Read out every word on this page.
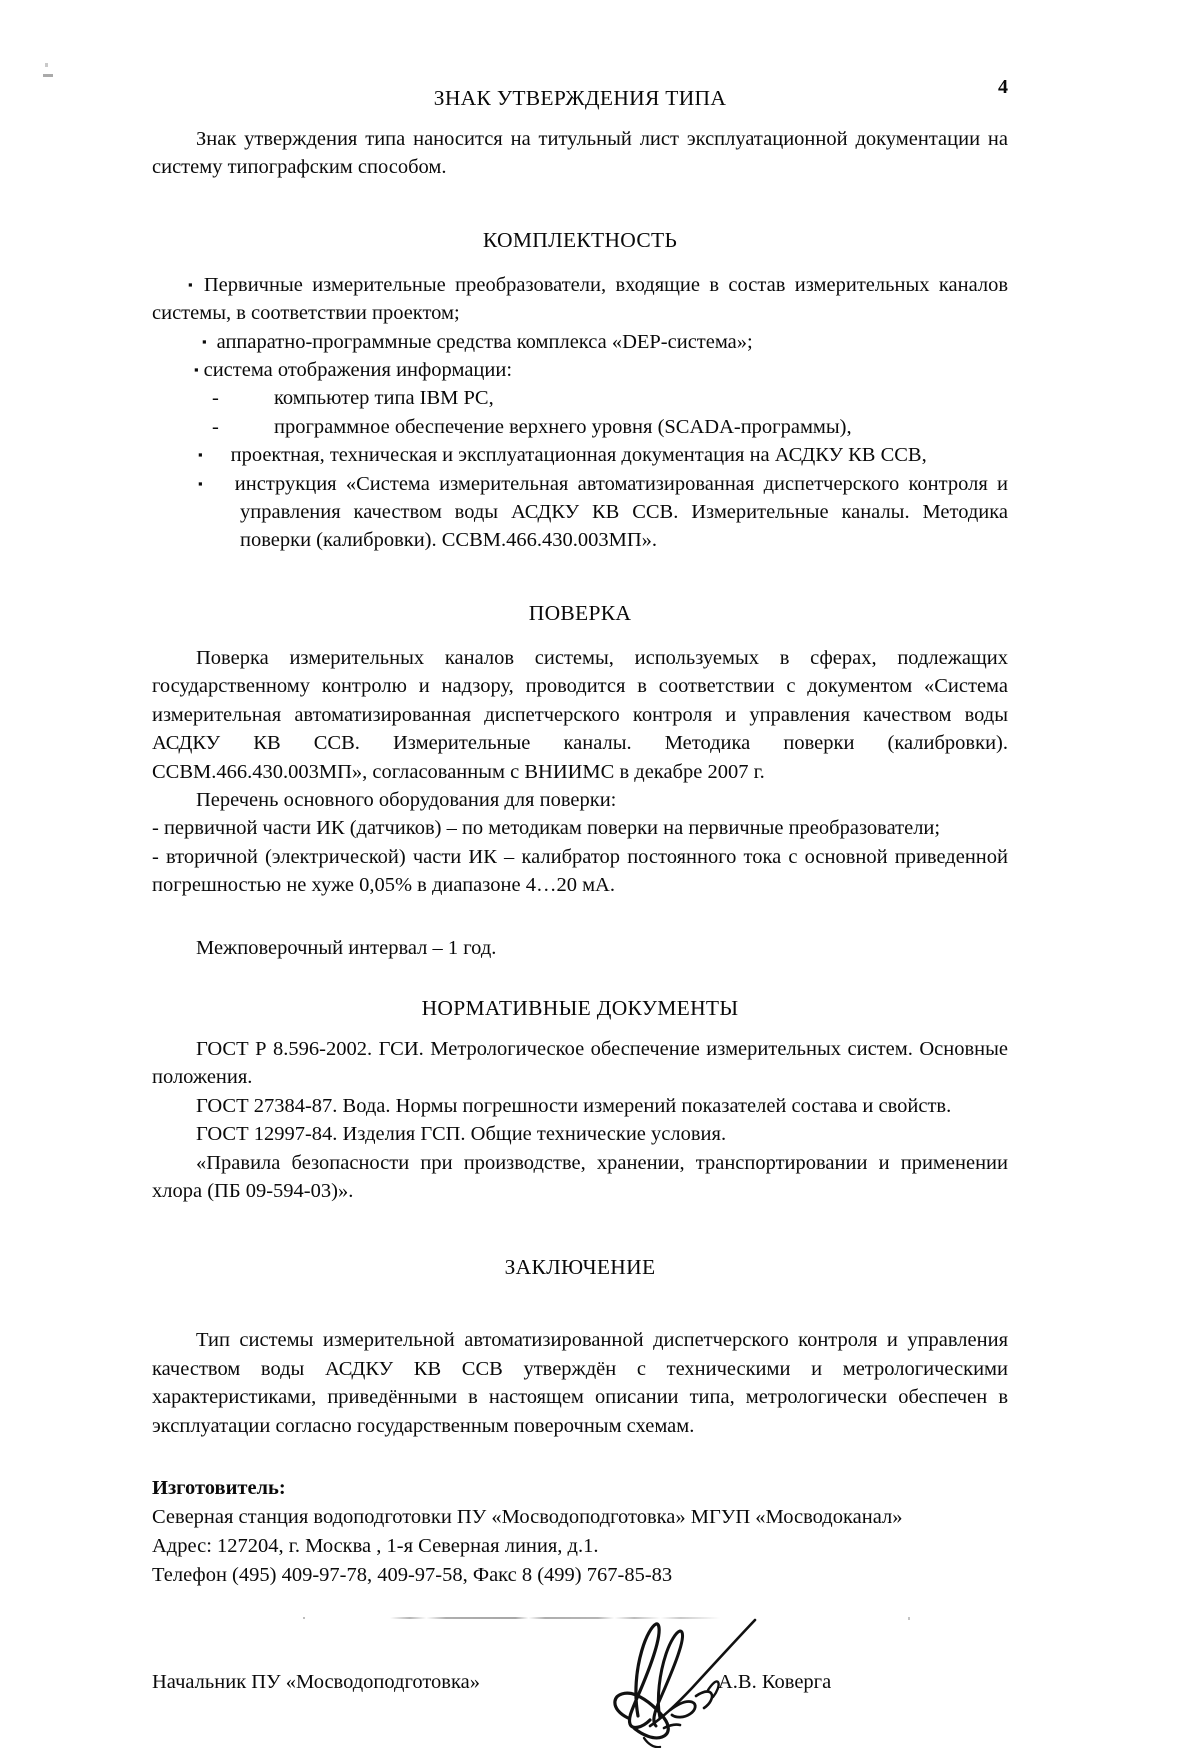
4
ЗНАК УТВЕРЖДЕНИЯ ТИПА

Знак утверждения типа наносится на титульный лист эксплуатационной документации на систему типографским способом.

КОМПЛЕКТНОСТЬ
▪ Первичные измерительные преобразователи, входящие в состав измерительных каналов системы, в соответствии проектом;
▪ аппаратно-программные средства комплекса «DEP-система»;
▪ система отображения информации:
-	компьютер типа IBM PC,
-	программное обеспечение верхнего уровня (SCADA-программы),
▪ проектная, техническая и эксплуатационная документация на АСДКУ КВ ССВ,
▪ инструкция «Система измерительная автоматизированная диспетчерского контроля и управления качеством воды АСДКУ КВ ССВ. Измерительные каналы. Методика поверки (калибровки). ССВМ.466.430.003МП».
ПОВЕРКА

Поверка измерительных каналов системы, используемых в сферах, подлежащих государственному контролю и надзору, проводится в соответствии с документом «Система измерительная автоматизированная диспетчерского контроля и управления качеством воды АСДКУ КВ ССВ. Измерительные каналы. Методика поверки (калибровки). ССВМ.466.430.003МП», согласованным с ВНИИМС в декабре 2007 г.

Перечень основного оборудования для поверки:

- первичной части ИК (датчиков) – по методикам поверки на первичные преобразователи;

- вторичной (электрической) части ИК – калибратор постоянного тока с основной приведенной погрешностью не хуже 0,05% в диапазоне 4…20 мА.

Межповерочный интервал – 1 год.

НОРМАТИВНЫЕ ДОКУМЕНТЫ

ГОСТ Р 8.596-2002. ГСИ. Метрологическое обеспечение измерительных систем. Основные положения.

ГОСТ 27384-87. Вода. Нормы погрешности измерений показателей состава и свойств.

ГОСТ 12997-84. Изделия ГСП. Общие технические условия.

«Правила безопасности при производстве, хранении, транспортировании и применении хлора (ПБ 09-594-03)».

ЗАКЛЮЧЕНИЕ

Тип системы измерительной автоматизированной диспетчерского контроля и управления качеством воды АСДКУ КВ ССВ утверждён с техническими и метрологическими характеристиками, приведёнными в настоящем описании типа, метрологически обеспечен в эксплуатации согласно государственным поверочным схемам.

Изготовитель:
Северная станция водоподготовки ПУ «Мосводоподготовка» МГУП «Мосводоканал»
Адрес: 127204, г. Москва , 1-я Северная линия, д.1.
Телефон (495) 409-97-78, 409-97-58, Факс 8 (499) 767-85-83
Начальник ПУ «Мосводоподготовка»	А.В. Коверга
